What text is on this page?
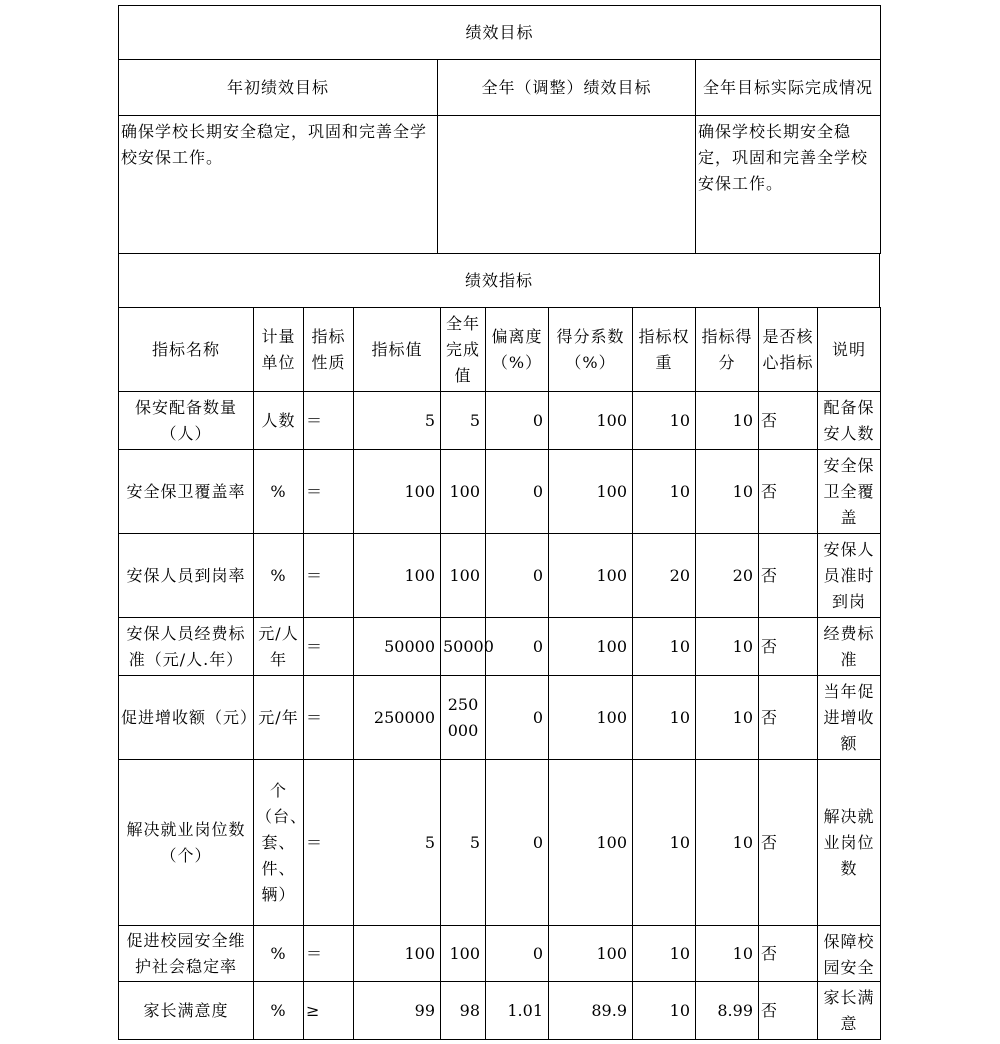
绩效目标		
年初绩效目标	全年（调整）绩效目标	全年目标实际完成情况
确保学校长期安全稳定，巩固和完善全学校安保工作。		确保学校长期安全稳定，巩固和完善全学校安保工作。
绩效指标
指标名称	计量单位	指标性质	指标值	全年完成值	偏离度（%）	得分系数（%）	指标权重	指标得分	是否核心指标	说明
保安配备数量（人）	人数	＝	5	5	0	100	10	10	否	配备保安人数
安全保卫覆盖率	%	＝	100	100	0	100	10	10	否	安全保卫全覆盖
安保人员到岗率	%	＝	100	100	0	100	20	20	否	安保人员准时到岗
安保人员经费标准（元/人.年）	元/人年	＝	50000	50000	0	100	10	10	否	经费标准
促进增收额（元）	元/年	＝	250000	250000	0	100	10	10	否	当年促进增收额
解决就业岗位数（个）	个（台、套、件、辆）	＝	5	5	0	100	10	10	否	解决就业岗位数
促进校园安全维护社会稳定率	%	＝	100	100	0	100	10	10	否	保障校园安全
家长满意度	%	≥	99	98	1.01	89.9	10	8.99	否	家长满意
